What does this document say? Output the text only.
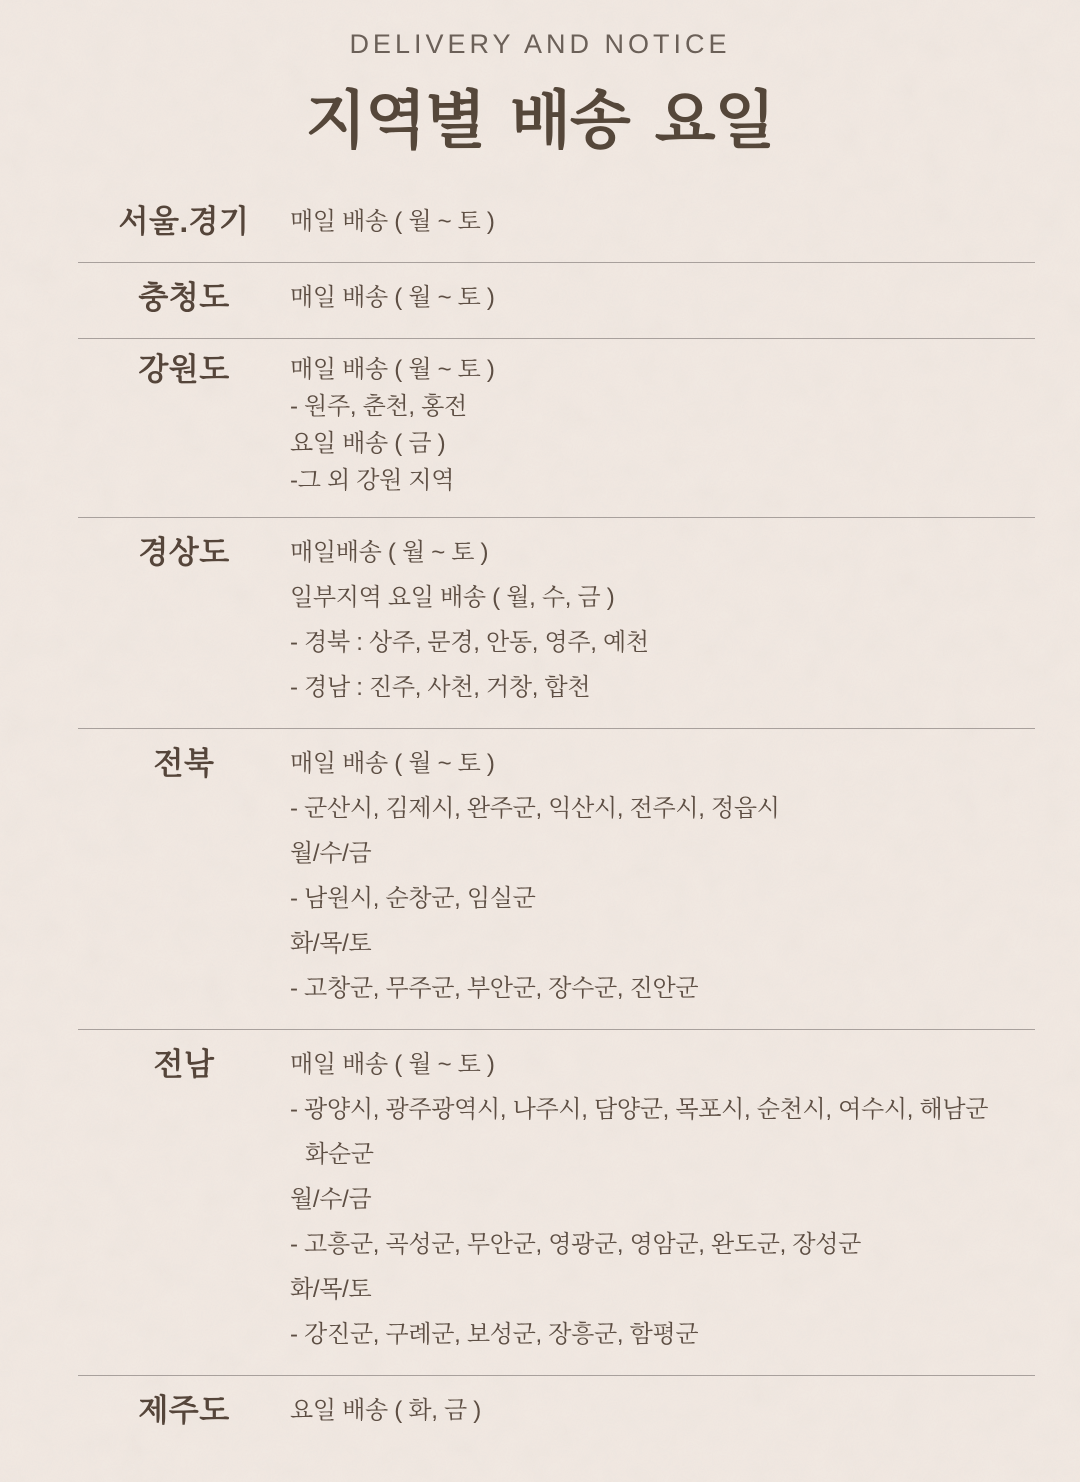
DELIVERY AND NOTICE
지역별 배송 요일
서울.경기	매일 배송 ( 월 ~ 토 )
충청도	매일 배송 ( 월 ~ 토 )
강원도	매일 배송 ( 월 ~ 토 )
- 원주, 춘천, 홍전
요일 배송 ( 금 )
-그 외 강원 지역
경상도	매일배송 ( 월 ~ 토 )
일부지역 요일 배송 ( 월, 수, 금 )
- 경북 : 상주, 문경, 안동, 영주, 예천
- 경남 : 진주, 사천, 거창, 합천
전북	매일 배송 ( 월 ~ 토 )
- 군산시, 김제시, 완주군, 익산시, 전주시, 정읍시
월/수/금
- 남원시, 순창군, 임실군
화/목/토
- 고창군, 무주군, 부안군, 장수군, 진안군
전남	매일 배송 ( 월 ~ 토 )
- 광양시, 광주광역시, 나주시, 담양군, 목포시, 순천시, 여수시, 해남군
화순군
월/수/금
- 고흥군, 곡성군, 무안군, 영광군, 영암군, 완도군, 장성군
화/목/토
- 강진군, 구례군, 보성군, 장흥군, 함평군
제주도	요일 배송 ( 화, 금 )
